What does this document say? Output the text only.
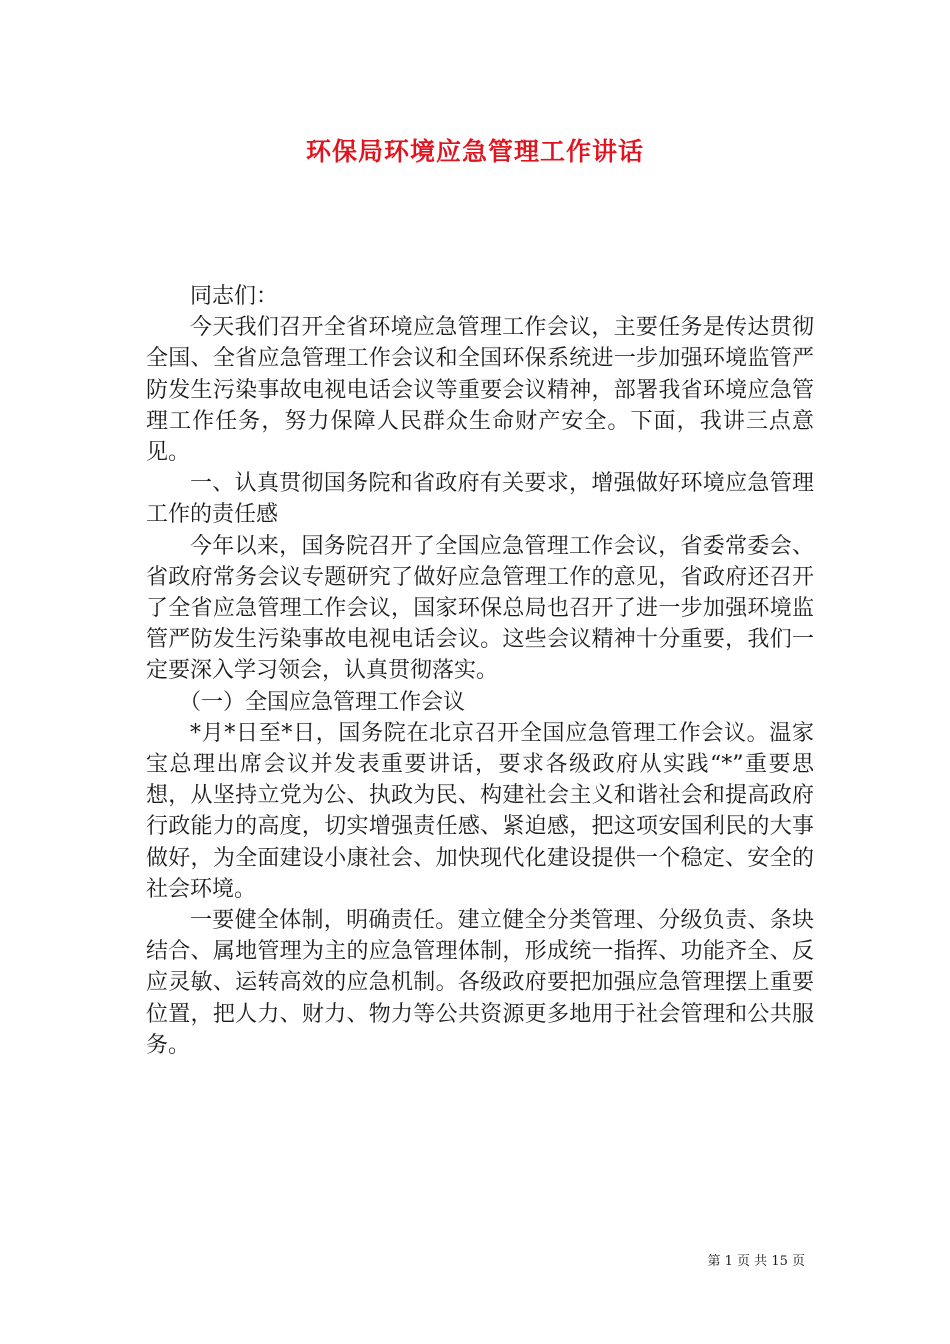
环保局环境应急管理工作讲话

同志们：

今天我们召开全省环境应急管理工作会议，主要任务是传达贯彻全国、全省应急管理工作会议和全国环保系统进一步加强环境监管严防发生污染事故电视电话会议等重要会议精神，部署我省环境应急管理工作任务，努力保障人民群众生命财产安全。下面，我讲三点意见。

一、认真贯彻国务院和省政府有关要求，增强做好环境应急管理工作的责任感

今年以来，国务院召开了全国应急管理工作会议，省委常委会、省政府常务会议专题研究了做好应急管理工作的意见，省政府还召开了全省应急管理工作会议，国家环保总局也召开了进一步加强环境监管严防发生污染事故电视电话会议。这些会议精神十分重要，我们一定要深入学习领会，认真贯彻落实。

（一）全国应急管理工作会议

*月*日至*日，国务院在北京召开全国应急管理工作会议。温家宝总理出席会议并发表重要讲话，要求各级政府从实践“*”重要思想，从坚持立党为公、执政为民、构建社会主义和谐社会和提高政府行政能力的高度，切实增强责任感、紧迫感，把这项安国利民的大事做好，为全面建设小康社会、加快现代化建设提供一个稳定、安全的社会环境。

一要健全体制，明确责任。建立健全分类管理、分级负责、条块结合、属地管理为主的应急管理体制，形成统一指挥、功能齐全、反应灵敏、运转高效的应急机制。各级政府要把加强应急管理摆上重要位置，把人力、财力、物力等公共资源更多地用于社会管理和公共服务。

第 1 页 共 15 页
